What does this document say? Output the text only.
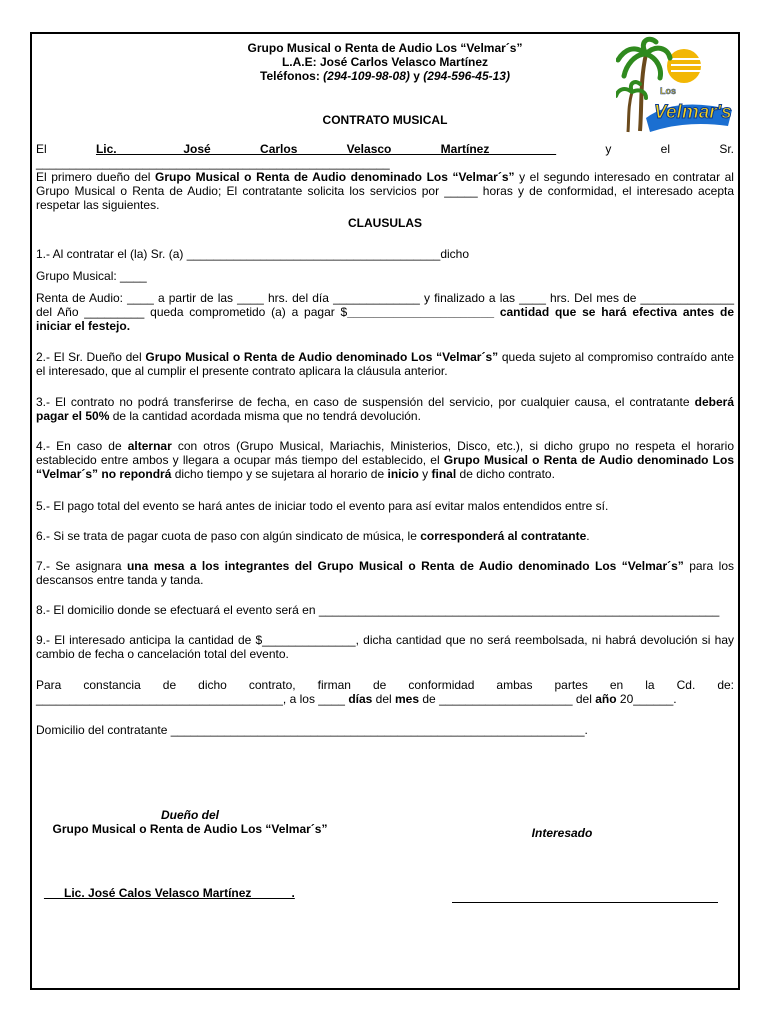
Grupo Musical o Renta de Audio Los “Velmar´s”
L.A.E: José Carlos Velasco Martínez
Teléfonos: (294-109-98-08) y (294-596-45-13)
Los
Velmar's
Los Velmar´s Musical
CONTRATO MUSICAL
El Lic.__________José Carlos Velasco Martínez__________ y el Sr. _____________________________________________________
El primero dueño del Grupo Musical o Renta de Audio denominado Los “Velmar´s” y el segundo interesado en contratar al Grupo Musical o Renta de Audio; El contratante solicita los servicios por _____ horas y de conformidad, el interesado acepta respetar las siguientes.
CLAUSULAS
1.- Al contratar el (la) Sr. (a) ______________________________________dicho
Grupo Musical: ____
Renta de Audio: ____ a partir de las ____ hrs. del día _____________ y finalizado a las ____ hrs. Del mes de ______________ del Año _________ queda comprometido (a) a pagar $______________________ cantidad que se hará efectiva antes de iniciar el festejo.
2.- El Sr. Dueño del Grupo Musical o Renta de Audio denominado Los “Velmar´s” queda sujeto al compromiso contraído ante el interesado, que al cumplir el presente contrato aplicara la cláusula anterior.
3.- El contrato no podrá transferirse de fecha, en caso de suspensión del servicio, por cualquier causa, el contratante deberá pagar el 50% de la cantidad acordada misma que no tendrá devolución.
4.- En caso de alternar con otros (Grupo Musical, Mariachis, Ministerios, Disco, etc.), si dicho grupo no respeta el horario establecido entre ambos y llegara a ocupar más tiempo del establecido, el Grupo Musical o Renta de Audio denominado Los “Velmar´s” no repondrá dicho tiempo y se sujetara al horario de inicio y final de dicho contrato.
5.- El pago total del evento se hará antes de iniciar todo el evento para así evitar malos entendidos entre sí.
6.- Si se trata de pagar cuota de paso con algún sindicato de música, le corresponderá al contratante.
7.- Se asignara una mesa a los integrantes del Grupo Musical o Renta de Audio denominado Los “Velmar´s” para los descansos entre tanda y tanda.
8.- El domicilio donde se efectuará el evento será en ____________________________________________________________
9.- El interesado anticipa la cantidad de $______________, dicha cantidad que no será reembolsada, ni habrá devolución si hay cambio de fecha o cancelación total del evento.
Para constancia de dicho contrato, firman de conformidad ambas partes en la Cd. de: _____________________________________, a los ____ días del mes de ____________________ del año 20______.
Domicilio del contratante ______________________________________________________________.
Dueño del
Grupo Musical o Renta de Audio Los “Velmar´s”	Interesado
___Lic. José Calos Velasco Martínez______.
